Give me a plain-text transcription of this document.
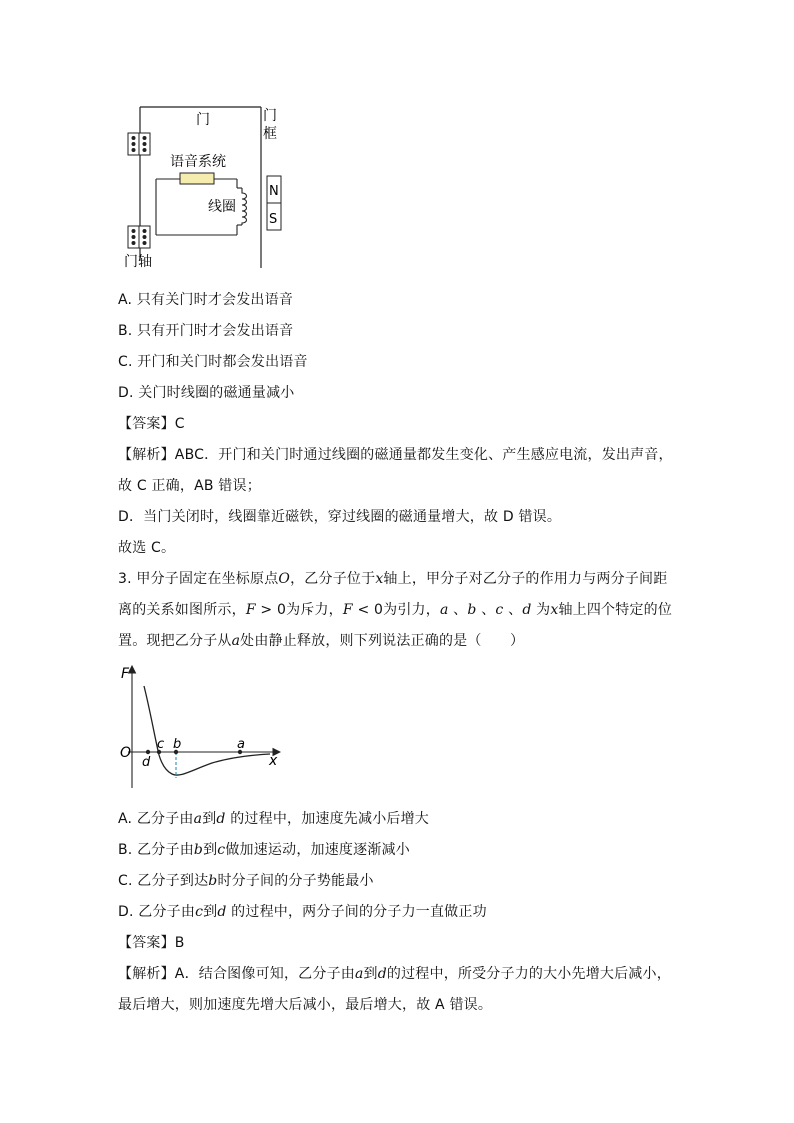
门	门
框
门轴
语音系统
线圈
N
S
A. 只有关门时才会发出语音
B. 只有开门时才会发出语音
C. 开门和关门时都会发出语音
D. 关门时线圈的磁通量减小
【答案】C
【解析】ABC．开门和关门时通过线圈的磁通量都发生变化、产生感应电流，发出声音，
故 C 正确，AB 错误；
D．当门关闭时，线圈靠近磁铁，穿过线圈的磁通量增大，故 D 错误。
故选 C。
3. 甲分子固定在坐标原点O，乙分子位于x轴上，甲分子对乙分子的作用力与两分子间距
离的关系如图所示，F > 0为斥力，F < 0为引力，a 、b 、c 、d 为x轴上四个特定的位
置。现把乙分子从a处由静止释放，则下列说法正确的是（　　）
F
O	x
a
b
c
d
A. 乙分子由a到d 的过程中，加速度先减小后增大
B. 乙分子由b到c做加速运动，加速度逐渐减小
C. 乙分子到达b时分子间的分子势能最小
D. 乙分子由c到d 的过程中，两分子间的分子力一直做正功
【答案】B
【解析】A．结合图像可知，乙分子由a到d的过程中，所受分子力的大小先增大后减小，
最后增大，则加速度先增大后减小，最后增大，故 A 错误。
